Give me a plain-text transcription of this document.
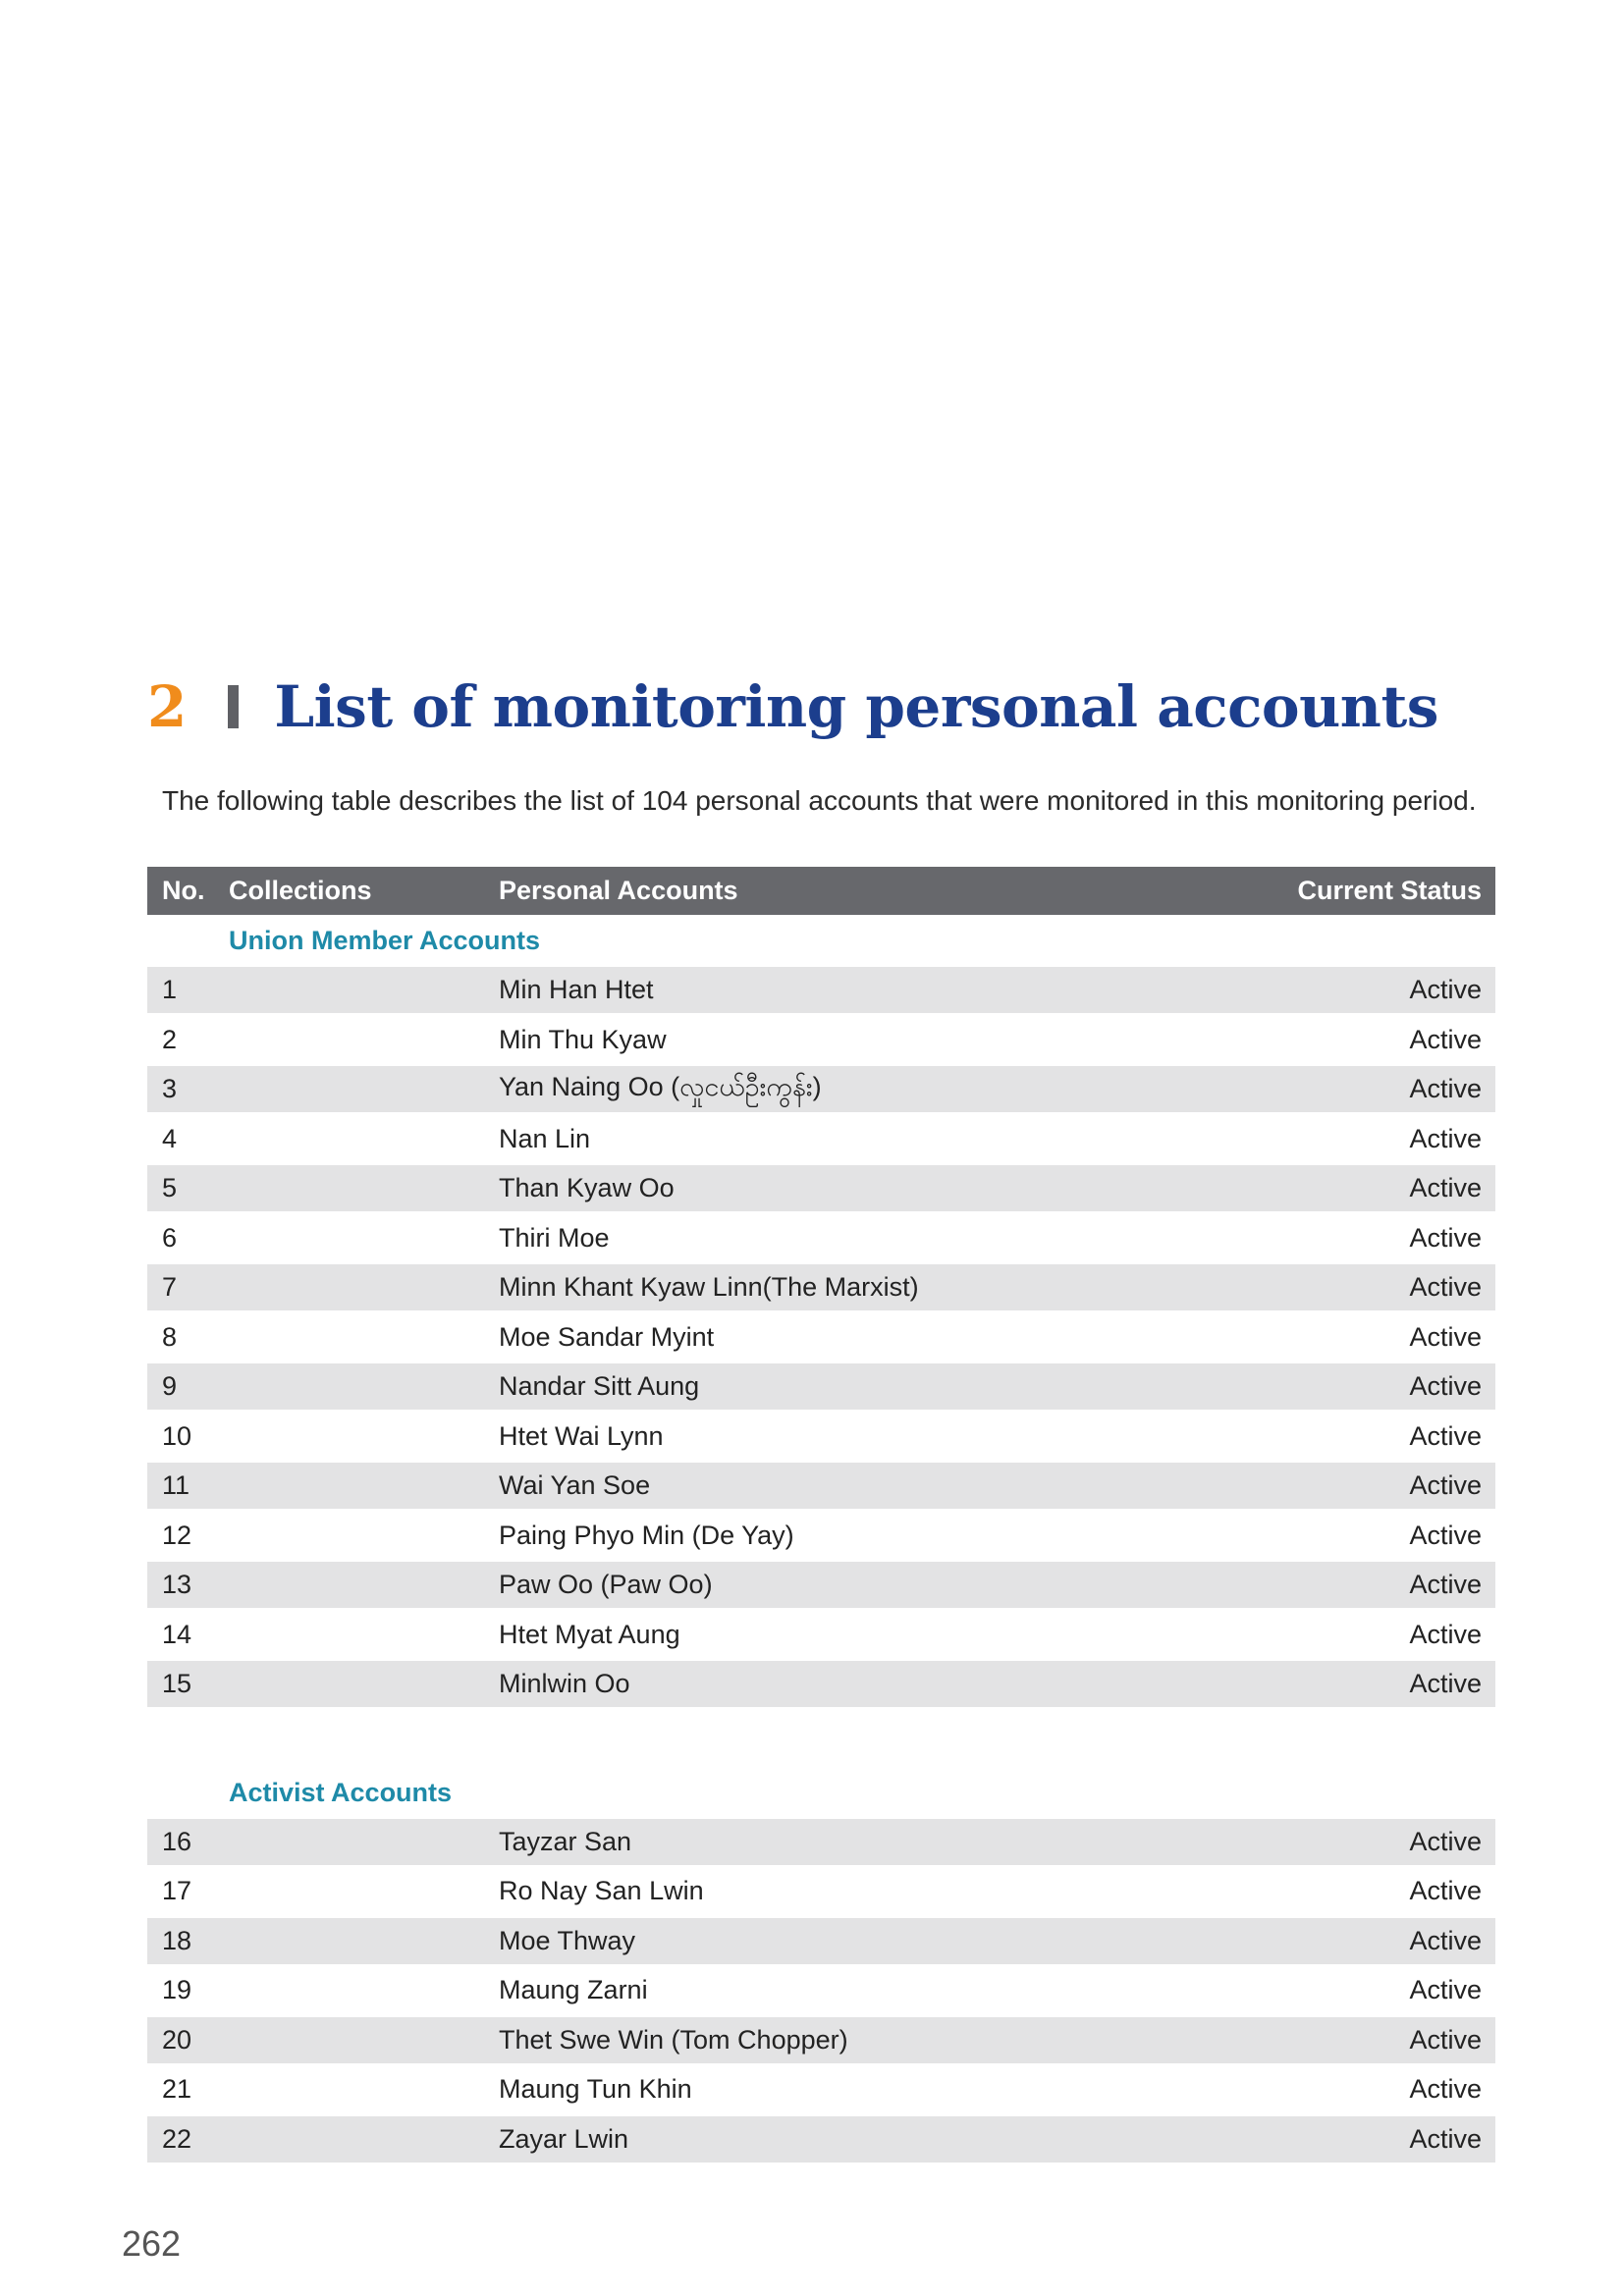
2 List of monitoring personal accounts
The following table describes the list of 104 personal accounts that were monitored in this monitoring period.
No. Collections	Personal Accounts	Current Status
Union Member Accounts
1	Min Han Htet	Active
2	Min Thu Kyaw	Active
3	Yan Naing Oo (လှုငယ်ဦးကွန်း)	Active
4	Nan Lin	Active
5	Than Kyaw Oo	Active
6	Thiri Moe	Active
7	Minn Khant Kyaw Linn(The Marxist)	Active
8	Moe Sandar Myint	Active
9	Nandar Sitt Aung	Active
10	Htet Wai Lynn	Active
11	Wai Yan Soe	Active
12	Paing Phyo Min (De Yay)	Active
13	Paw Oo (Paw Oo)	Active
14	Htet Myat Aung	Active
15	Minlwin Oo	Active
Activist Accounts
16	Tayzar San	Active
17	Ro Nay San Lwin	Active
18	Moe Thway	Active
19	Maung Zarni	Active
20	Thet Swe Win (Tom Chopper)	Active
21	Maung Tun Khin	Active
22	Zayar Lwin	Active
262
